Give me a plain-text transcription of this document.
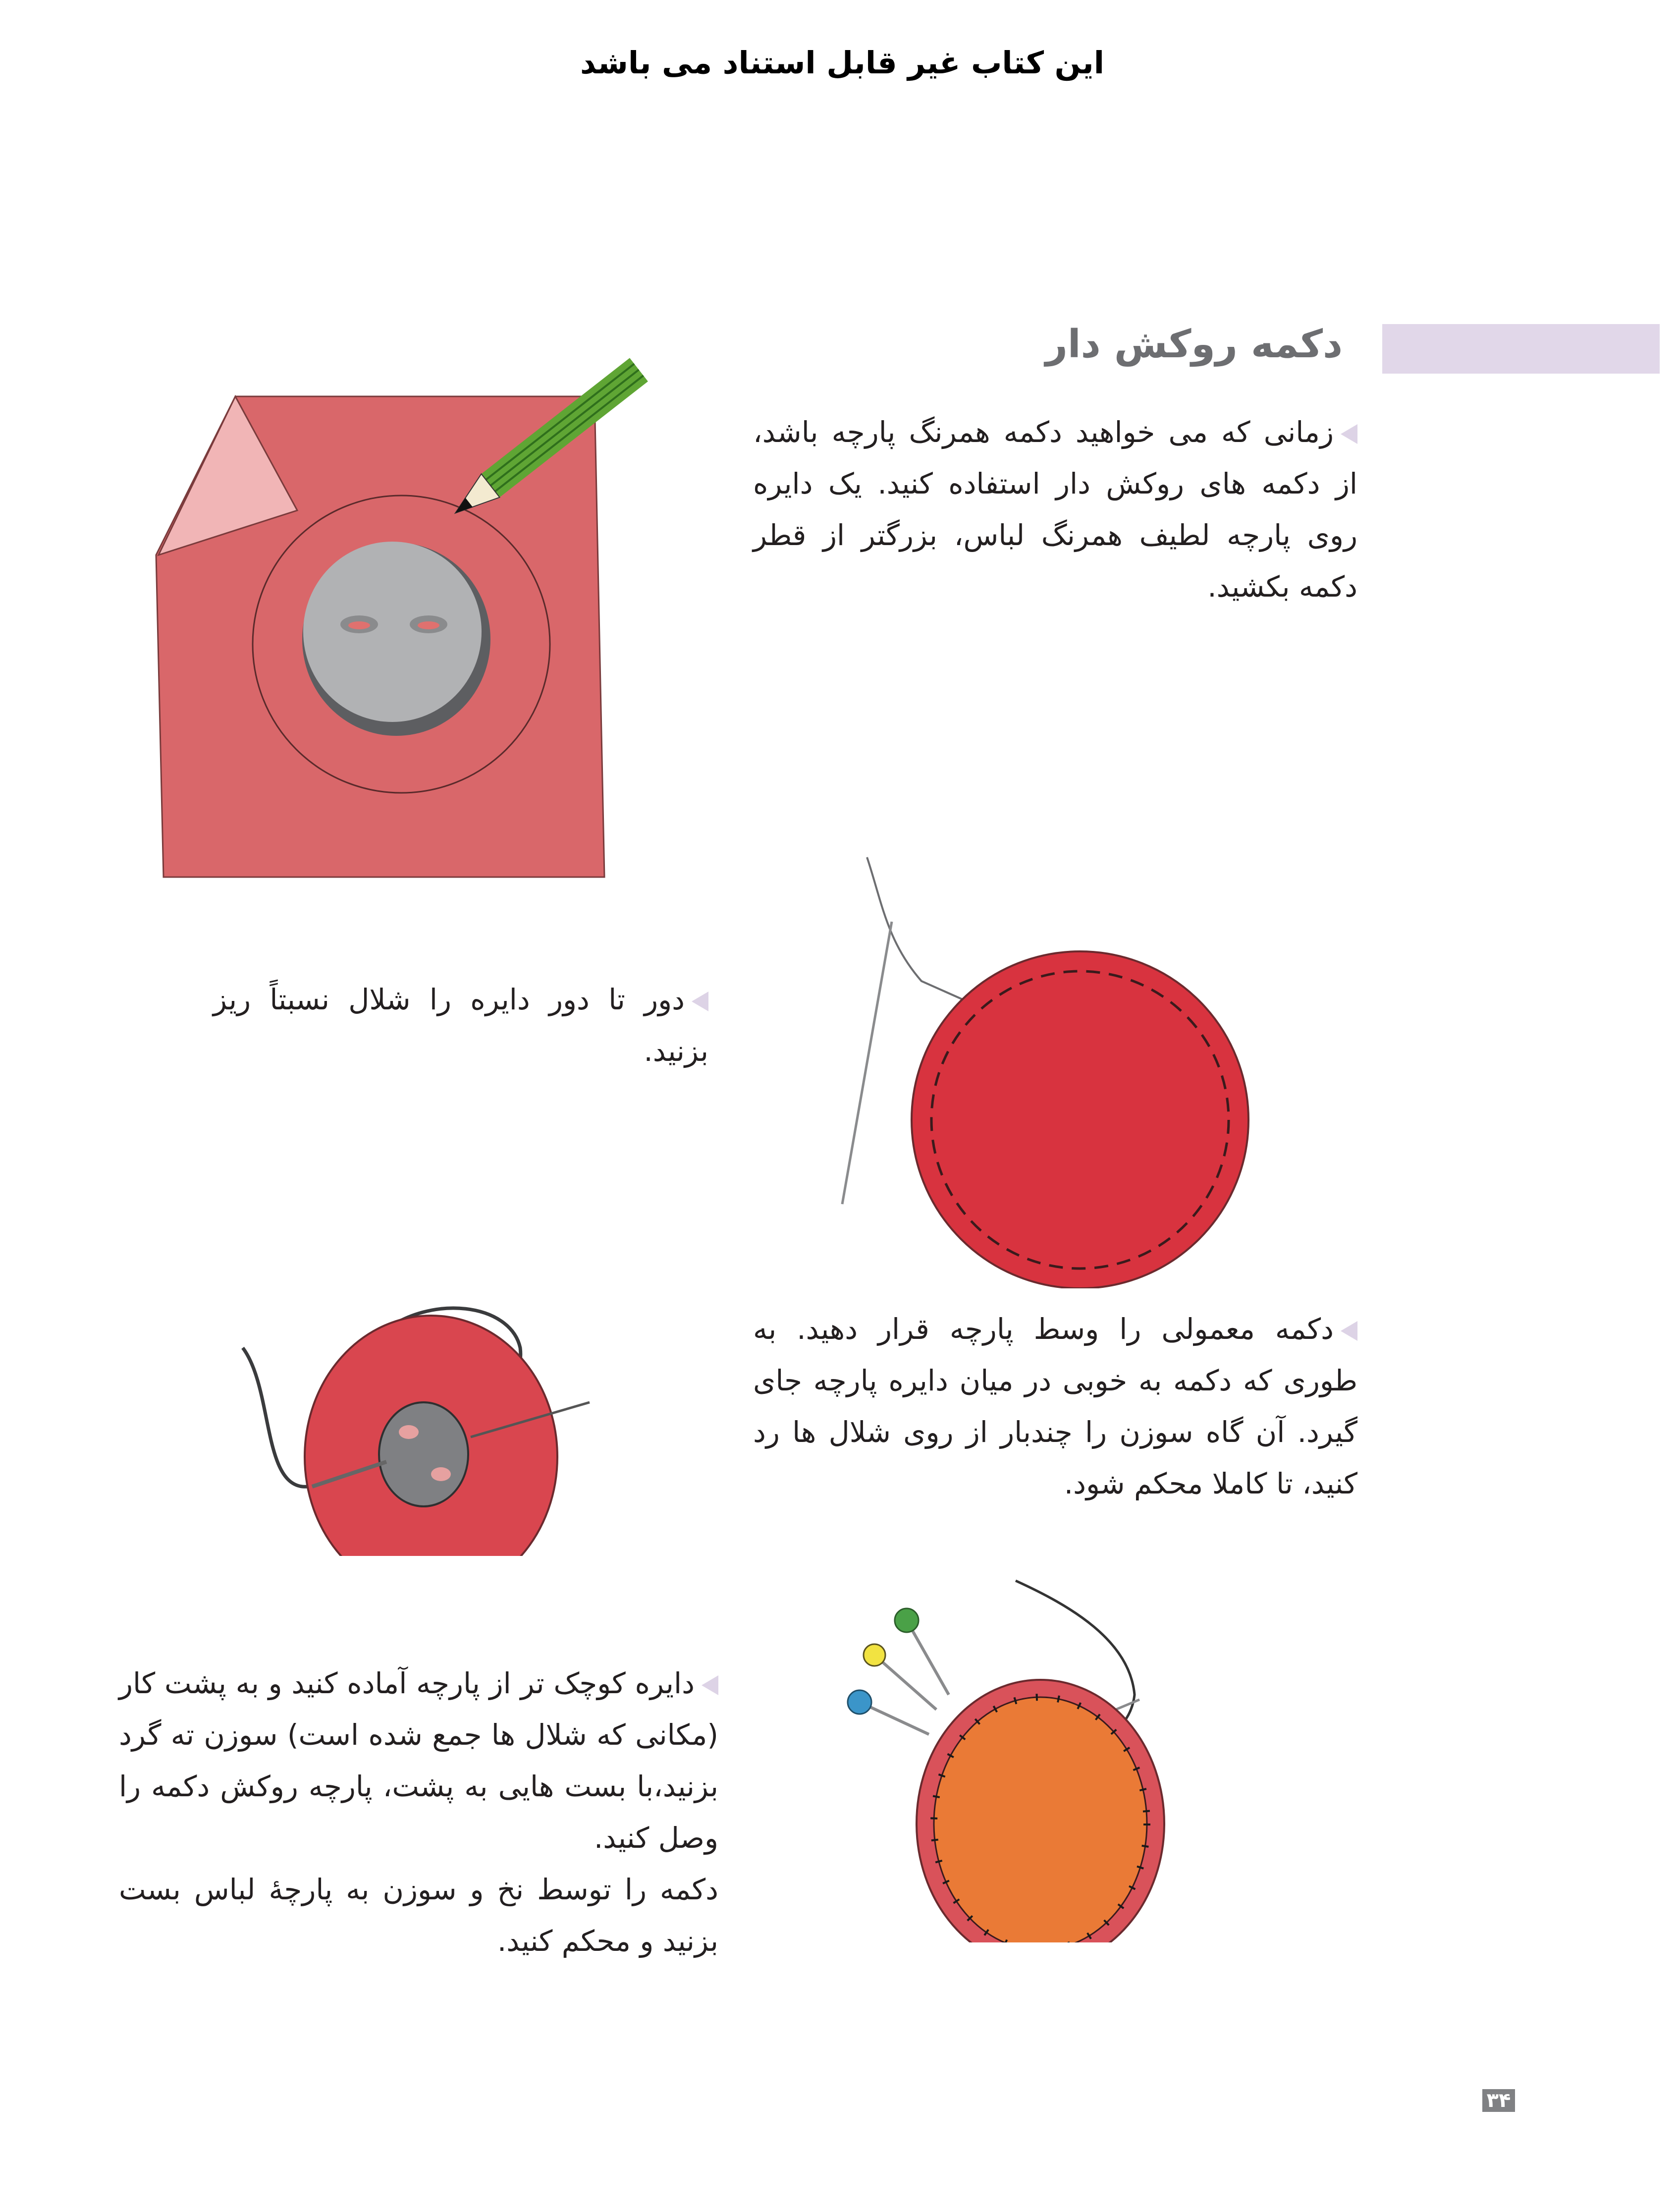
این کتاب غیر قابل استناد می باشد
دکمه روکش دار

زمانی که می خواهید دکمه همرنگ پارچه باشد، از دکمه های روکش دار استفاده کنید. یک دایره روی پارچه لطیف همرنگ لباس، بزرگتر از قطر دکمه بکشید.

دور تا دور دایره را شلال نسبتاً ریز بزنید.

دکمه معمولی را وسط پارچه قرار دهید. به طوری که دکمه به خوبی در میان دایره پارچه جای گیرد. آن گاه سوزن را چندبار از روی شلال ها رد کنید، تا کاملا محکم شود.

دایره کوچک تر از پارچه آماده کنید و به پشت کار (مکانی که شلال ها جمع شده است) سوزن ته گرد بزنید،با بست هایی به پشت، پارچه روکش دکمه را وصل کنید.

دکمه را توسط نخ و سوزن به پارچهٔ لباس بست بزنید و محکم کنید.

۳۴
